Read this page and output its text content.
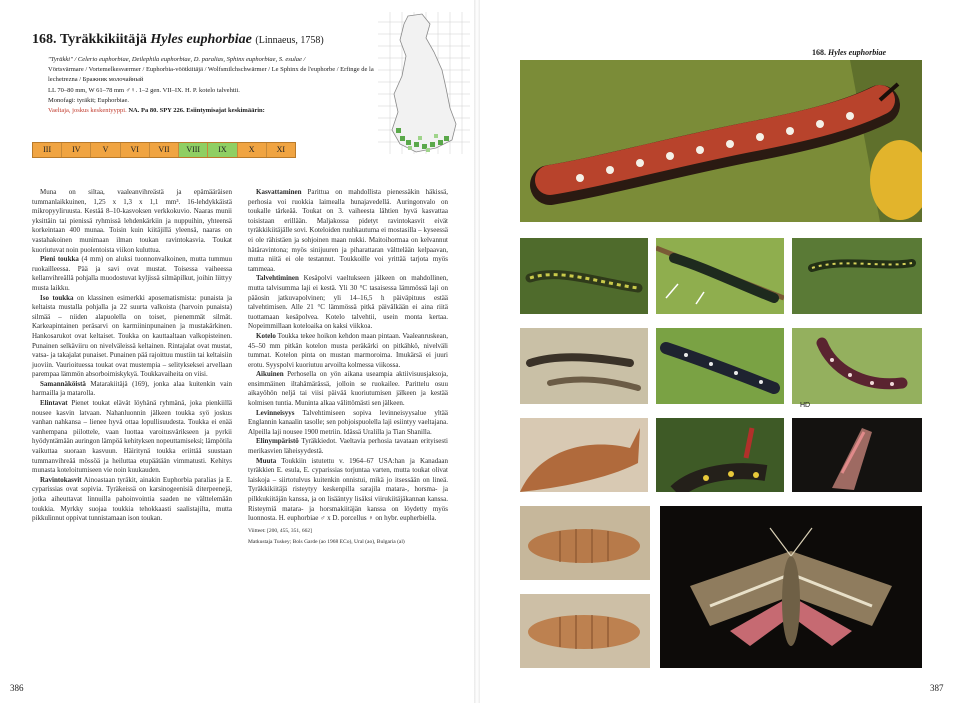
168. Tyräkkikiitäjä Hyles euphorbiae (Linnaeus, 1758)
"Tyräkki" / Celerio euphorbiae, Deilephila euphorbiae, D. paralias, Sphinx euphorbiae, S. esulae /
Vörtsvärmare / Vortemelkesværmer / Euphorbia-vöötkiitäjä / Wolfsmilchschwärmer / Le Sphinx de l'euphorbe / Erfinge de la lechetrezna / Бражник молочайный
LL 70–80 mm, W 61–78 mm ♂♀. 1–2 gen. VII–IX. H. P. kotelo talvehtii.
Monofagi: tyräkit; Euphorbiae.
Vaeltaja, joskus keskentyyppi. NA. Pa 80. SPY 226. Esiintymisajat keskimäärin:
III	IV	V	VI	VII	VIII	IX	X	XI

Muna on siltaa, vaaleanvihreästä ja epämääräisen tummanlaikkuinen, 1,25 x 1,3 x 1,1 mm³. 16-lehdykkäistä mikropyyliruusta. Kestää 8–10-kasvoksen verkkokuvio. Naaras munii yksittäin tai pienissä ryhmissä lehdenkärkiin ja nuppuihin, yhteensä korkeintaan 400 munaa. Toisin kuin kiitäjillä yleensä, naaras on vastahakoinen munimaan ilman toukan ravintokasvia. Toukat kuoriutuvat noin puolentoista viikon kuluttua.

Pieni toukka (4 mm) on aluksi tuonnonvalkoinen, mutta tummuu ruokailleessa. Pää ja savi ovat mustat. Toisessa vaiheessa kellanvihreällä pohjalla muodostuvat kyljissä silmäpilkut, joihin liittyy musta laikku.

Iso toukka on klassinen esimerkki aposematismista: punaista ja keltaista mustalla pohjalla ja 22 suurta valkoista (harvoin punaista) silmää – niiden alapuolella on toiset, pienemmät silmät. Karkeapintainen peräsarvi on karmiininpunainen ja mustakärkinen. Hankosarukot ovat keltaiset. Toukka on kauttaaltaan valkopisteinen. Punainen selkäviiru on nivelväleissä keltainen. Rintajalat ovat mustat, vatsa- ja takajalat punaiset. Punainen pää rajoittuu mustiin tai keltaisiin juoviin. Vaurioituessa toukat ovat mustempia – selityksekseі arvellaan parempaa lämmön absorboimiskykyä. Toukkavaiheita on viisi.

Samannäköistä Matarakiitäjä (169), jonka alaa kuitenkin vain harmailla ja matarolla.

Elintavat Pienet toukat elävät löyhänä ryhmänä, joka pienkiillä nousee kasvin latvaan. Nahanluonnin jälkeen toukka syö joskus vanhan nahkansa – lienee hyvä ottaa lopullisuudesta. Toukka ei enää vanhempana piilottele, vaan luottaa varoitusvärikseen ja pyrkii hyödyntämään auringon lämpöä kehityksen nopeuttamiseksi; lämpötila vaikuttaa suoraan kasvuun. Häiritynä toukka eriittää suustaan tummanvihreää mössöä ja heiluttaa etupäätään vimmatusti. Kehitys munasta koteloitumiseen vie noin kuukauden.

Ravintokasvit Ainoastaan tyräkit, ainakin Euphorbia paralias ja E. cyparissias ovat sopivia. Tyräkeissä on karsinogeenisiä diterpeenejä, jotka aiheuttavat linnuilla pahoinvointia saaden ne välttelemään toukkia. Myrkky suojaa toukkia tehokkaasti saalistajilta, mutta pikkulinnut oppivat tunnistamaan ison toukan.

Kasvattaminen Parittua on mahdollista pienessäkin häkissä, perhosia voi ruokkia laimealla hunajavedellä. Auringonvalo on toukalle tärkeää. Toukat on 3. vaiheesta lähtien hyvä kasvattaa toisistaan erillään. Maljakossa pidetyt ravintokasvit eivät tyräkkikiitäjälle sovi. Koteloiden ruuhkautuma ei mostasilla – kyseessä ei ole rähistäen ja sohjoinen maan nukki. Maitoihormaa on kelvannut hätäravintona; myös sinijuuren ja piharattaran välttelään kelpaavan, mutta niitä ei ole testannut. Toukkoille voi yrittää tarjota myös tammeaa.

Talvehtiminen Kesäpolvi vaeltukseen jälkeen on mahdollinen, mutta talvisumma laji ei kestä. Yli 30 °C tasaisessa lämmössä laji on pääosin jatkuvapolvinen; yli 14–16,5 h päiväpituus estää talvehtimisen. Alle 21 °C lämmössä pitkä päivälkään ei aina riitä tuottamaan kesäpolvea. Kotelo talvehtii, usein monta kertaa. Nopeimmillaan koteloaika on kaksi viikkoa.

Kotelo Toukka tekee hoikon kehdon maan pintaan. Vaaleanruskean, 45–50 mm pitkän kotelon musta peräkärki on pitkähkö, nivelväli tummat. Kotelon pinta on mustan marmoroima. Imukärsä ei juuri erotu. Syyspolvi kuoriutuu arvoilta kolmessa viikossa.

Aikuinen Perhosella on yön aikana useampia aktiivisuusjaksoja, ensimmäinen iltahämärässä, jolloin se ruokailee. Parittelu osuu aikayöhön neljä tai viisi päivää kuoriutumisen jälkeen ja kestää kolmisen tuntia. Muninta alkaa välittömästi sen jälkeen.

Levinneisyys Talvehtimiseen sopiva levinneisyysalue yltää Englannin kanaalin tasolle; sen pohjoispuolella laji esiintyy vaeltajana. Alpeilla laji nousee 1900 metriin. Idässä Uralilla ja Tian Shanilla.

Elinympäristö Tyräkkiedot. Vaeltavia perhosia tavataan erityisesti merikasvien läheisyydestä.

Muuta Toukkiin istutettu v. 1964–67 USA:han ja Kanadaan tyräkkien E. esula, E. cyparissias torjuntaa varten, mutta toukat olivat laiskoja – siirtotulvus kuitenkin onnistui, mikä jo itsessään on lineä. Tyräkkikiitäjä risteytyy keskenpilla sarajila matara-, horsma- ja pilkkukiitäjän kanssa, ja on lisääntyy lisäksi viirukiitäjäkannan kanssa. Risteymiä matara- ja horsmakiitäjän kanssa on löydetty myös luonnosta. H. euphorbiae ♂ x D. porcellus ♀ on hybr. eupherbiella.

Viitteet: [200, 455, 351, 662]

Matkustaja Tuskey; Bols Garde (ao 1968 ECo), Ural (ao), Bulgaria (al)

386	387
168. Hyles euphorbiae
HD
